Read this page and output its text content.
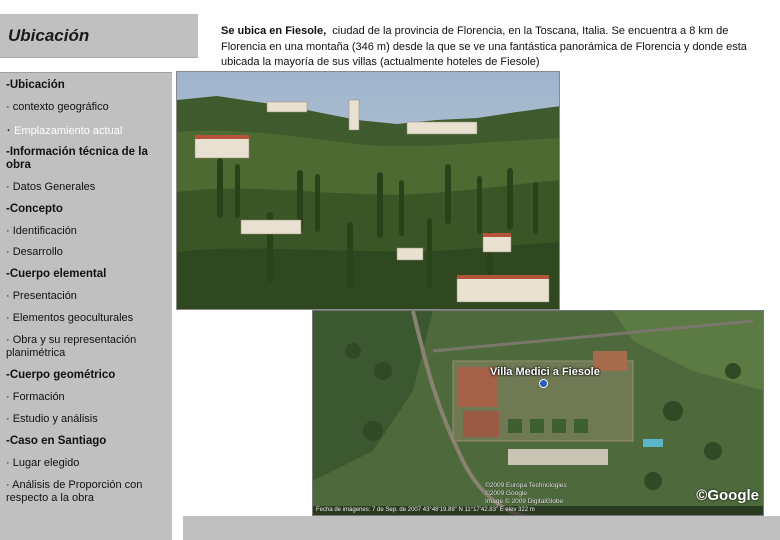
Ubicación
-Ubicación
· contexto geográfico
· Emplazamiento actual
-Información técnica de la obra
· Datos Generales
-Concepto
· Identificación
· Desarrollo
-Cuerpo elemental
· Presentación
· Elementos geoculturales
· Obra y su representación planimétrica
-Cuerpo geométrico
· Formación
· Estudio y análisis
-Caso en Santiago
· Lugar elegido
· Análisis de Proporción con respecto a la obra

Se ubica en Fiesole, ciudad de la provincia de Florencia, en la Toscana, Italia. Se encuentra a 8 km de Florencia en una montaña (346 m) desde la que se ve una fantástica panorámica de Florencia y donde esta ubicada la mayoría de sus villas (actualmente hoteles de Fiesole)

Villa Medici a Fiesole
©2009 Europa Technologies
©2009 Google
Image © 2009 DigitalGlobe	©Google
Fecha de imágenes: 7 de Sep. de 2007 43°48'19.89" N 11°17'42.83" E elev 322 m
